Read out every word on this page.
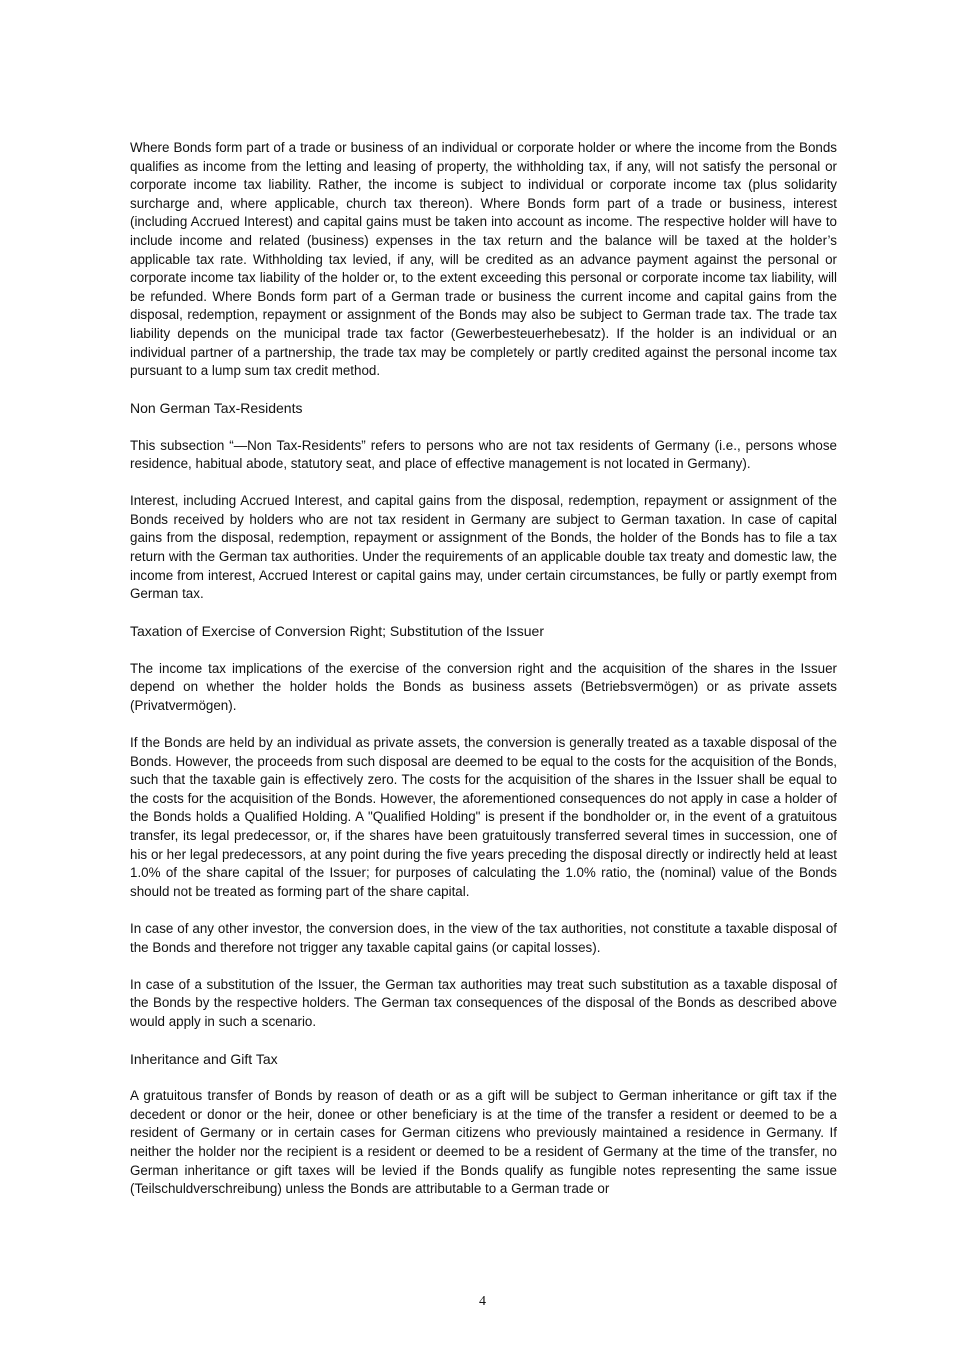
Where Bonds form part of a trade or business of an individual or corporate holder or where the income from the Bonds qualifies as income from the letting and leasing of property, the withholding tax, if any, will not satisfy the personal or corporate income tax liability. Rather, the income is subject to individual or corporate income tax (plus solidarity surcharge and, where applicable, church tax thereon). Where Bonds form part of a trade or business, interest (including Accrued Interest) and capital gains must be taken into account as income. The respective holder will have to include income and related (business) expenses in the tax return and the balance will be taxed at the holder’s applicable tax rate. Withholding tax levied, if any, will be credited as an advance payment against the personal or corporate income tax liability of the holder or, to the extent exceeding this personal or corporate income tax liability, will be refunded. Where Bonds form part of a German trade or business the current income and capital gains from the disposal, redemption, repayment or assignment of the Bonds may also be subject to German trade tax. The trade tax liability depends on the municipal trade tax factor (Gewerbesteuerhebesatz). If the holder is an individual or an individual partner of a partnership, the trade tax may be completely or partly credited against the personal income tax pursuant to a lump sum tax credit method.

Non German Tax-Residents

This subsection “—Non Tax-Residents” refers to persons who are not tax residents of Germany (i.e., persons whose residence, habitual abode, statutory seat, and place of effective management is not located in Germany).

Interest, including Accrued Interest, and capital gains from the disposal, redemption, repayment or assignment of the Bonds received by holders who are not tax resident in Germany are subject to German taxation. In case of capital gains from the disposal, redemption, repayment or assignment of the Bonds, the holder of the Bonds has to file a tax return with the German tax authorities. Under the requirements of an applicable double tax treaty and domestic law, the income from interest, Accrued Interest or capital gains may, under certain circumstances, be fully or partly exempt from German tax.

Taxation of Exercise of Conversion Right; Substitution of the Issuer

The income tax implications of the exercise of the conversion right and the acquisition of the shares in the Issuer depend on whether the holder holds the Bonds as business assets (Betriebsvermögen) or as private assets (Privatvermögen).

If the Bonds are held by an individual as private assets, the conversion is generally treated as a taxable disposal of the Bonds. However, the proceeds from such disposal are deemed to be equal to the costs for the acquisition of the Bonds, such that the taxable gain is effectively zero. The costs for the acquisition of the shares in the Issuer shall be equal to the costs for the acquisition of the Bonds. However, the aforementioned consequences do not apply in case a holder of the Bonds holds a Qualified Holding. A "Qualified Holding" is present if the bondholder or, in the event of a gratuitous transfer, its legal predecessor, or, if the shares have been gratuitously transferred several times in succession, one of his or her legal predecessors, at any point during the five years preceding the disposal directly or indirectly held at least 1.0% of the share capital of the Issuer; for purposes of calculating the 1.0% ratio, the (nominal) value of the Bonds should not be treated as forming part of the share capital.

In case of any other investor, the conversion does, in the view of the tax authorities, not constitute a taxable disposal of the Bonds and therefore not trigger any taxable capital gains (or capital losses).

In case of a substitution of the Issuer, the German tax authorities may treat such substitution as a taxable disposal of the Bonds by the respective holders. The German tax consequences of the disposal of the Bonds as described above would apply in such a scenario.

Inheritance and Gift Tax

A gratuitous transfer of Bonds by reason of death or as a gift will be subject to German inheritance or gift tax if the decedent or donor or the heir, donee or other beneficiary is at the time of the transfer a resident or deemed to be a resident of Germany or in certain cases for German citizens who previously maintained a residence in Germany. If neither the holder nor the recipient is a resident or deemed to be a resident of Germany at the time of the transfer, no German inheritance or gift taxes will be levied if the Bonds qualify as fungible notes representing the same issue (Teilschuldverschreibung) unless the Bonds are attributable to a German trade or

4
